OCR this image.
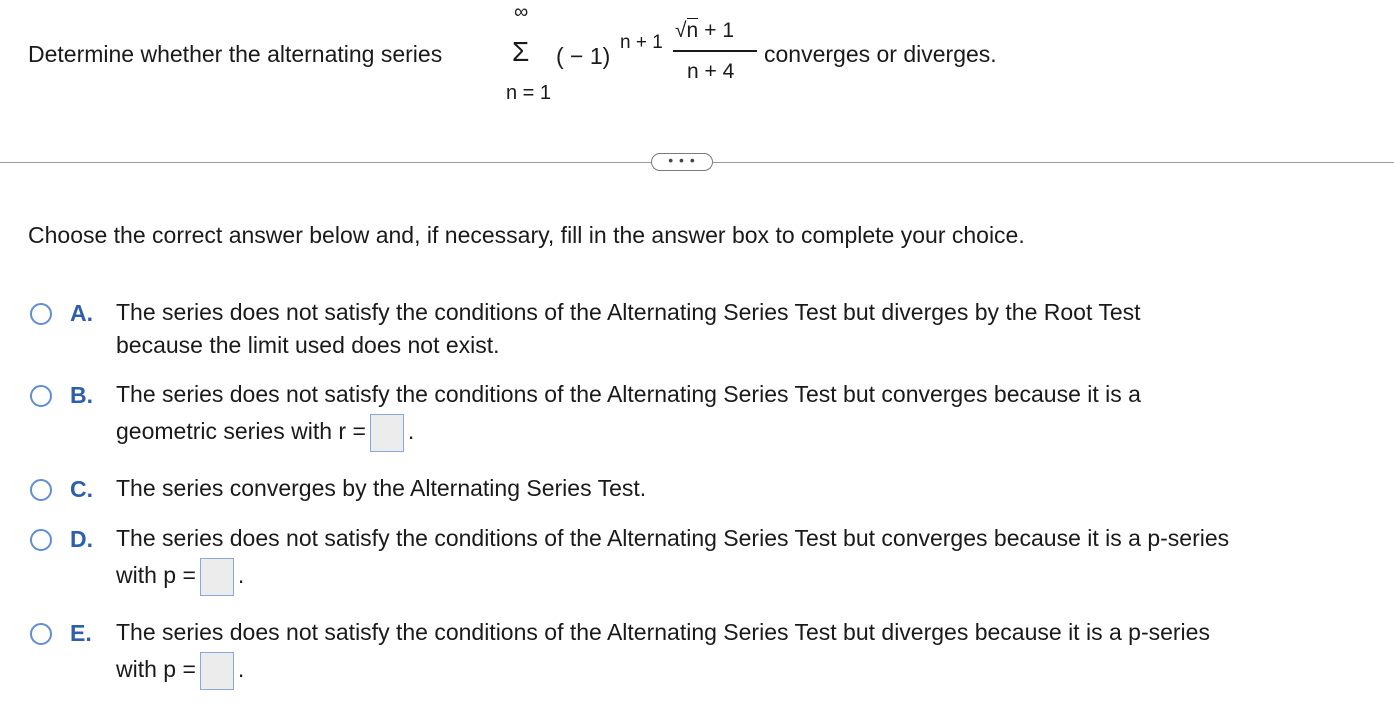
Determine whether the alternating series
∞
Σ
n = 1
( − 1)
n + 1
√n + 1
n + 4
converges or diverges.
• • •
Choose the correct answer below and, if necessary, fill in the answer box to complete your choice.
A. The series does not satisfy the conditions of the Alternating Series Test but diverges by the Root Test
because the limit used does not exist.
B. The series does not satisfy the conditions of the Alternating Series Test but converges because it is a
geometric series with r = .
C. The series converges by the Alternating Series Test.
D. The series does not satisfy the conditions of the Alternating Series Test but converges because it is a p-series
with p = .
E. The series does not satisfy the conditions of the Alternating Series Test but diverges because it is a p-series
with p = .
